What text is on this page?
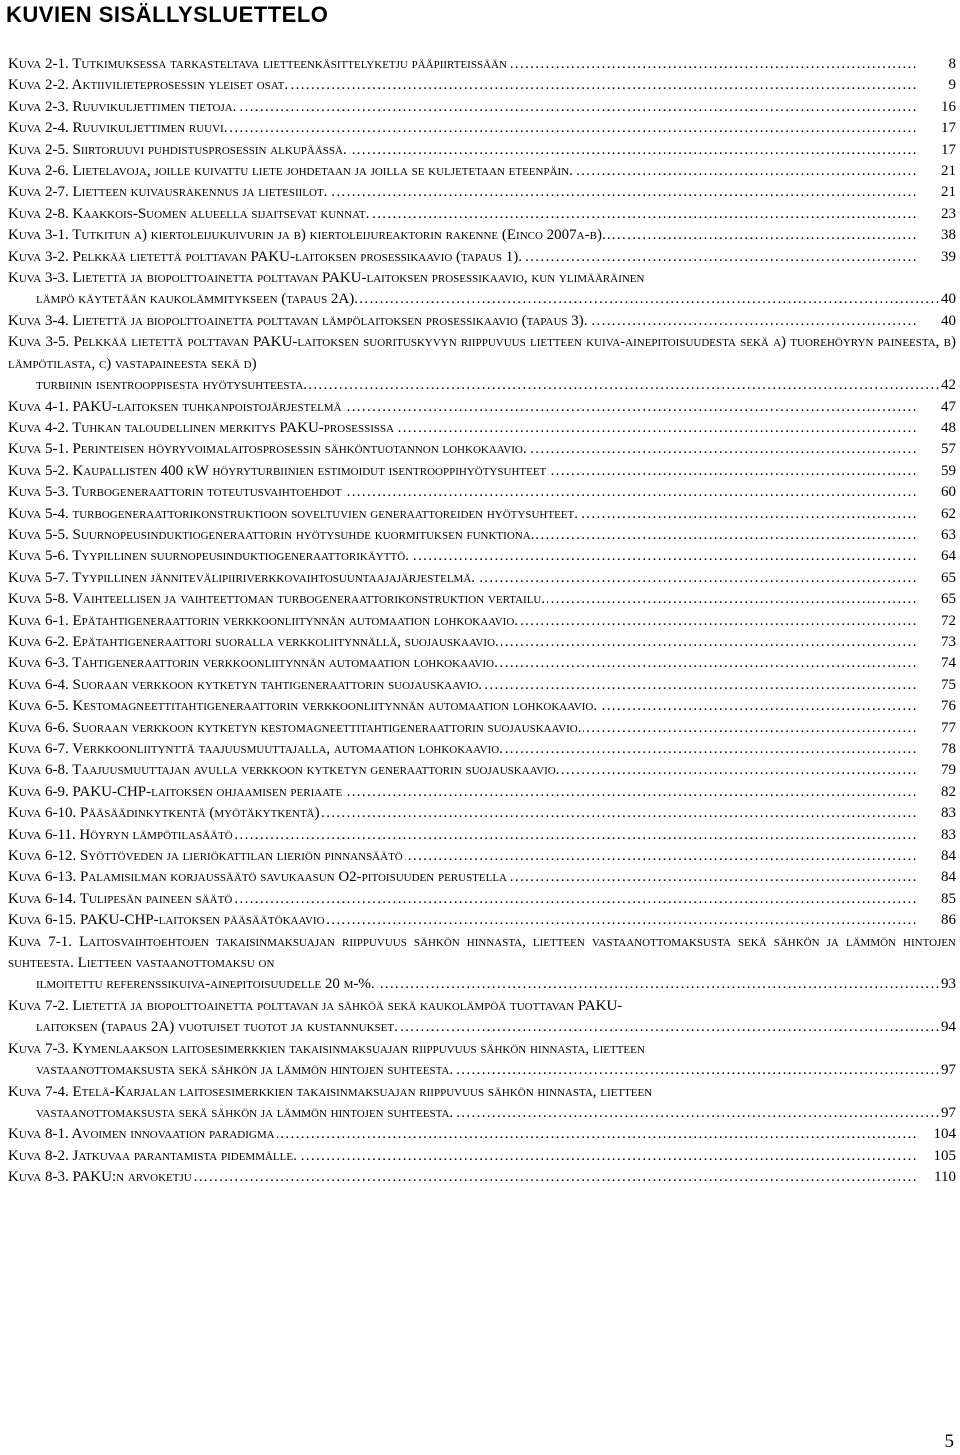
KUVIEN SISÄLLYSLUETTELO
Kuva 2-1. Tutkimuksessa tarkasteltava lietteenkäsittelyketju pääpiirteissään . . .	8
Kuva 2-2. Aktiivilieteprosessin yleiset osat. . . .	9
Kuva 2-3. Ruuvikuljettimen tietoja. . . .	16
Kuva 2-4. Ruuvikuljettimen ruuvi. . . .	17
Kuva 2-5. Siirtoruuvi puhdistusprosessin alkupäässä. . . .	17
Kuva 2-6. Lietelavoja, joille kuivattu liete johdetaan ja joilla se kuljetetaan eteenpäin. . . .	21
Kuva 2-7. Lietteen kuivausrakennus ja lietesiilot. . . .	21
Kuva 2-8. Kaakkois-Suomen alueella sijaitsevat kunnat. . . .	23
Kuva 3-1. Tutkitun a) kiertoleijukuivurin ja b) kiertoleijureaktorin rakenne (Einco 2007a-b). . . .	38
Kuva 3-2. Pelkkää lietettä polttavan PAKU-laitoksen prosessikaavio (tapaus 1). . . .	39
Kuva 3-3. Lietettä ja biopolttoainetta polttavan PAKU-laitoksen prosessikaavio, kun ylimääräinen
lämpö käytetään kaukolämmitykseen (tapaus 2A). . . .	40
Kuva 3-4. Lietettä ja biopolttoainetta polttavan lämpölaitoksen prosessikaavio (tapaus 3). . . .	40
Kuva 3-5. Pelkkää lietettä polttavan PAKU-laitoksen suorituskyvyn riippuvuus lietteen kuiva-ainepitoisuudesta sekä a) tuorehöyryn paineesta, b) lämpötilasta, c) vastapaineesta sekä d)
turbiinin isentrooppisesta hyötysuhteesta. . . .	42
Kuva 4-1. PAKU-laitoksen tuhkanpoistojärjestelmä . . .	47
Kuva 4-2. Tuhkan taloudellinen merkitys PAKU-prosessissa . . .	48
Kuva 5-1. Perinteisen höyryvoimalaitosprosessin sähköntuotannon lohkokaavio. . . .	57
Kuva 5-2. Kaupallisten 400 kW höyryturbiinien estimoidut isentrooppihyötysuhteet . . .	59
Kuva 5-3. Turbogeneraattorin toteutusvaihtoehdot . . .	60
Kuva 5-4. turbogeneraattorikonstruktioon soveltuvien generaattoreiden hyötysuhteet. . . .	62
Kuva 5-5. Suurnopeusinduktiogeneraattorin hyötysuhde kuormituksen funktiona. . . .	63
Kuva 5-6. Tyypillinen suurnopeusinduktiogeneraattorikäyttö. . . .	64
Kuva 5-7. Tyypillinen jännitevälipiiriverkkovaihtosuuntaajajärjestelmä. . . .	65
Kuva 5-8. Vaihteellisen ja vaihteettoman turbogeneraattorikonstruktion vertailu. . . .	65
Kuva 6-1. Epätahtigeneraattorin verkkoonliitynnän automaation lohkokaavio. . . .	72
Kuva 6-2. Epätahtigeneraattori suoralla verkkoliitynnällä, suojauskaavio. . . .	73
Kuva 6-3. Tahtigeneraattorin verkkoonliitynnän automaation lohkokaavio. . . .	74
Kuva 6-4. Suoraan verkkoon kytketyn tahtigeneraattorin suojauskaavio. . . .	75
Kuva 6-5. Kestomagneettitahtigeneraattorin verkkoonliitynnän automaation lohkokaavio. . . .	76
Kuva 6-6. Suoraan verkkoon kytketyn kestomagneettitahtigeneraattorin suojauskaavio. . . .	77
Kuva 6-7. Verkkoonliitynttä taajuusmuuttajalla, automaation lohkokaavio. . . .	78
Kuva 6-8. Taajuusmuuttajan avulla verkkoon kytketyn generaattorin suojauskaavio. . . .	79
Kuva 6-9. PAKU-CHP-laitoksen ohjaamisen periaate . . .	82
Kuva 6-10. Pääsäädinkytkentä (myötäkytkentä) . . .	83
Kuva 6-11. Höyryn lämpötilasäätö . . .	83
Kuva 6-12. Syöttöveden ja lieriökattilan lieriön pinnansäätö . . .	84
Kuva 6-13. Palamisilman korjaussäätö savukaasun O2-pitoisuuden perustella . . .	84
Kuva 6-14. Tulipesän paineen säätö . . .	85
Kuva 6-15. PAKU-CHP-laitoksen pääsäätökaavio . . .	86
Kuva 7-1. Laitosvaihtoehtojen takaisinmaksuajan riippuvuus sähkön hinnasta, lietteen vastaanottomaksusta sekä sähkön ja lämmön hintojen suhteesta. Lietteen vastaanottomaksu on
ilmoitettu referenssikuiva-ainepitoisuudelle 20 m-%. . . .	93
Kuva 7-2. Lietettä ja biopolttoainetta polttavan ja sähköä sekä kaukolämpöä tuottavan PAKU-
laitoksen (tapaus 2A) vuotuiset tuotot ja kustannukset. . . .	94
Kuva 7-3. Kymenlaakson laitosesimerkkien takaisinmaksuajan riippuvuus sähkön hinnasta, lietteen
vastaanottomaksusta sekä sähkön ja lämmön hintojen suhteesta. . . .	97
Kuva 7-4. Etelä-Karjalan laitosesimerkkien takaisinmaksuajan riippuvuus sähkön hinnasta, lietteen
vastaanottomaksusta sekä sähkön ja lämmön hintojen suhteesta. . . .	97
Kuva 8-1. Avoimen innovaation paradigma . . .	104
Kuva 8-2. Jatkuvaa parantamista pidemmälle. . . .	105
Kuva 8-3. PAKU:n arvoketju . . .	110
5
